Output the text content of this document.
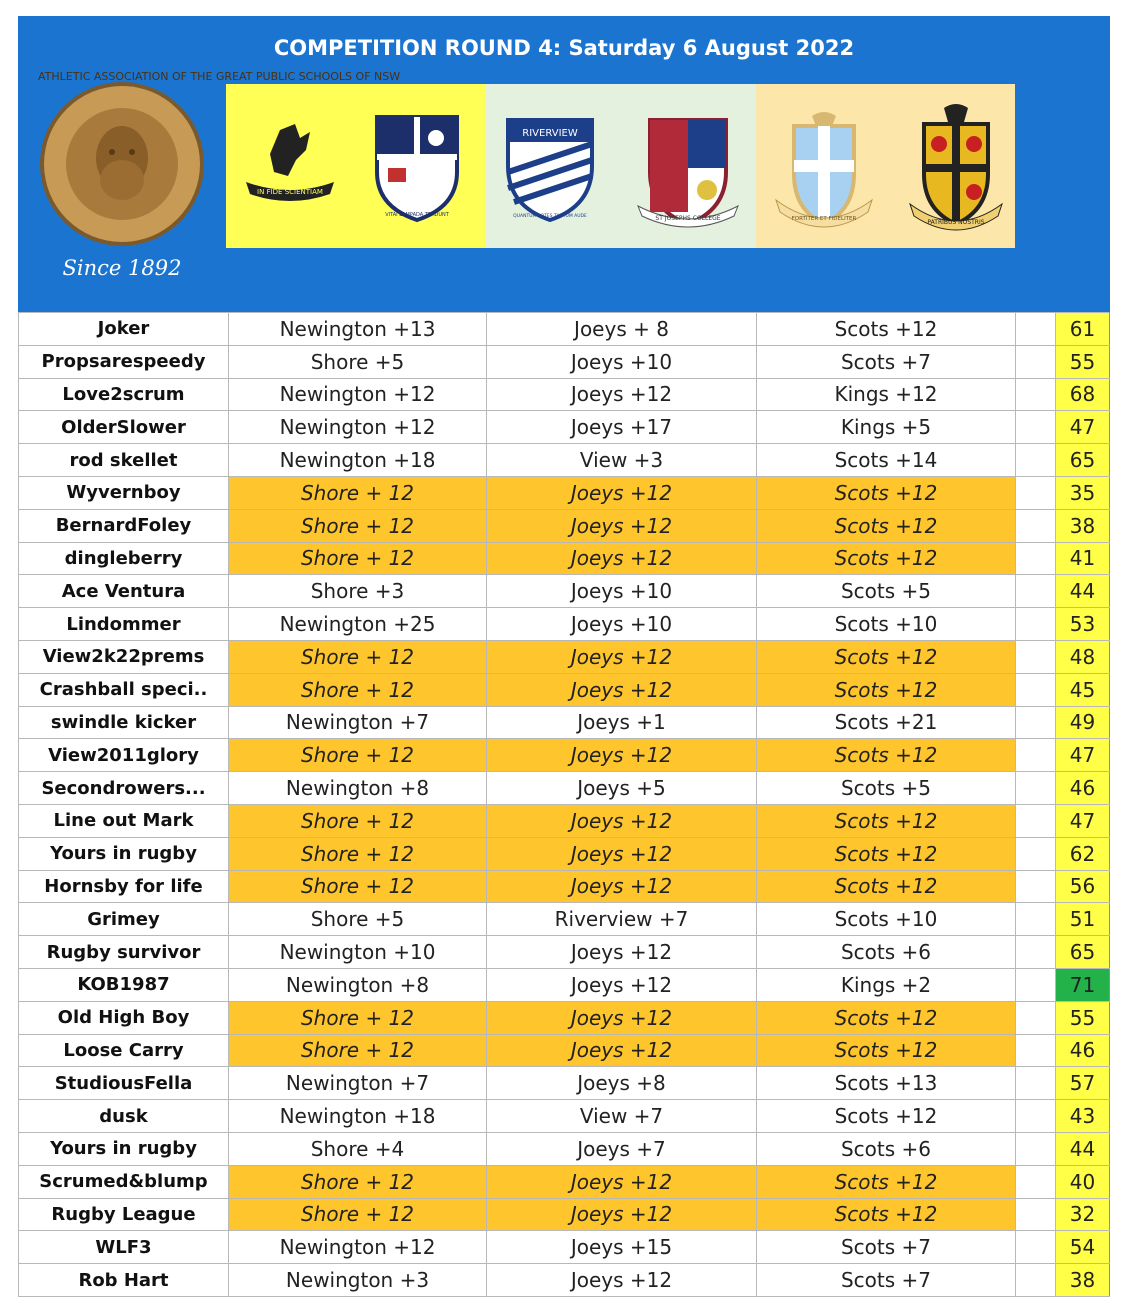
COMPETITION ROUND 4: Saturday 6 August 2022
ATHLETIC ASSOCIATION OF THE GREAT PUBLIC SCHOOLS OF NSW
Since 1892
IN FIDE SCIENTIAM
VITAI LAMPADA TRADUNT
RIVERVIEW
QUANTUM POTES TANTUM AUDE	ST JOSEPHS COLLEGE	FORTITER ET FIDELITER	PATRIBUS NOSTRIS
Joker	Newington +13	Joeys + 8	Scots +12		61
Propsarespeedy	Shore +5	Joeys +10	Scots +7		55
Love2scrum	Newington +12	Joeys +12	Kings +12		68
OlderSlower	Newington +12	Joeys +17	Kings +5		47
rod skellet	Newington +18	View +3	Scots +14		65
Wyvernboy	Shore + 12	Joeys +12	Scots +12		35
BernardFoley	Shore + 12	Joeys +12	Scots +12		38
dingleberry	Shore + 12	Joeys +12	Scots +12		41
Ace Ventura	Shore +3	Joeys +10	Scots +5		44
Lindommer	Newington +25	Joeys +10	Scots +10		53
View2k22prems	Shore + 12	Joeys +12	Scots +12		48
Crashball speci..	Shore + 12	Joeys +12	Scots +12		45
swindle kicker	Newington +7	Joeys +1	Scots +21		49
View2011glory	Shore + 12	Joeys +12	Scots +12		47
Secondrowers...	Newington +8	Joeys +5	Scots +5		46
Line out Mark	Shore + 12	Joeys +12	Scots +12		47
Yours in rugby	Shore + 12	Joeys +12	Scots +12		62
Hornsby for life	Shore + 12	Joeys +12	Scots +12		56
Grimey	Shore +5	Riverview +7	Scots +10		51
Rugby survivor	Newington +10	Joeys +12	Scots +6		65
KOB1987	Newington +8	Joeys +12	Kings +2		71
Old High Boy	Shore + 12	Joeys +12	Scots +12		55
Loose Carry	Shore + 12	Joeys +12	Scots +12		46
StudiousFella	Newington +7	Joeys +8	Scots +13		57
dusk	Newington +18	View +7	Scots +12		43
Yours in rugby	Shore +4	Joeys +7	Scots +6		44
Scrumed&blump	Shore + 12	Joeys +12	Scots +12		40
Rugby League	Shore + 12	Joeys +12	Scots +12		32
WLF3	Newington +12	Joeys +15	Scots +7		54
Rob Hart	Newington +3	Joeys +12	Scots +7		38
